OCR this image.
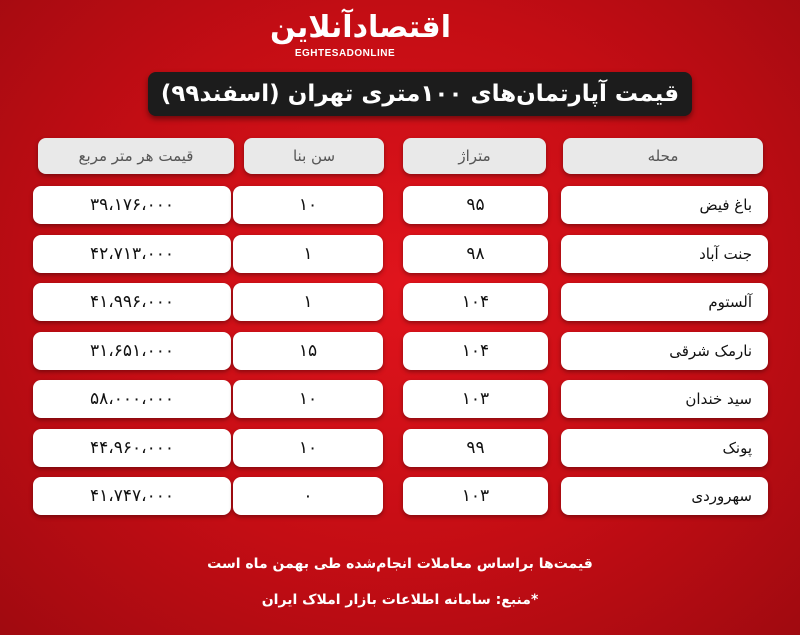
اقتصادآنلاین
EGHTESADONLINE
قیمت آپارتمان‌های ۱۰۰متری تهران (اسفند۹۹)
قیمت هر متر مربع	سن بنا	متراژ	محله
۳۹،۱۷۶،۰۰۰	۱۰	۹۵	باغ فیض
۴۲،۷۱۳،۰۰۰	۱	۹۸	جنت آباد
۴۱،۹۹۶،۰۰۰	۱	۱۰۴	آلستوم
۳۱،۶۵۱،۰۰۰	۱۵	۱۰۴	نارمک شرقی
۵۸،۰۰۰،۰۰۰	۱۰	۱۰۳	سید خندان
۴۴،۹۶۰،۰۰۰	۱۰	۹۹	پونک
۴۱،۷۴۷،۰۰۰	۰	۱۰۳	سهروردی
قیمت‌ها براساس معاملات انجام‌شده طی بهمن ماه است
*منبع: سامانه اطلاعات بازار املاک ایران
